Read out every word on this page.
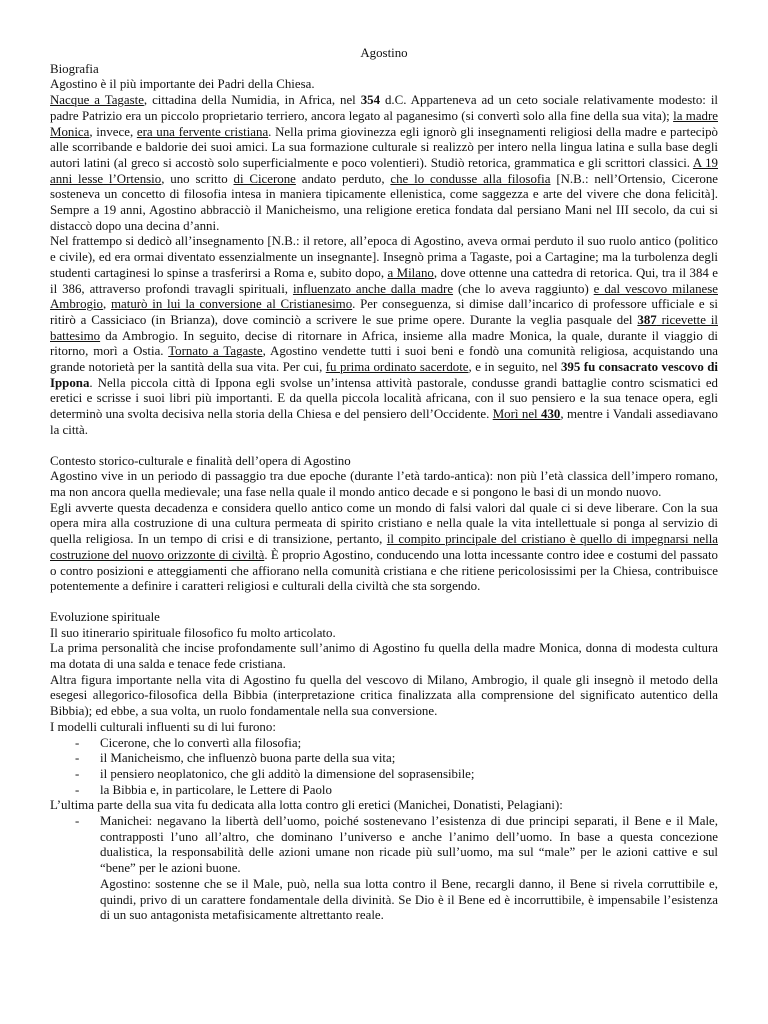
Agostino
Biografia

Agostino è il più importante dei Padri della Chiesa.

Nacque a Tagaste, cittadina della Numidia, in Africa, nel 354 d.C. Apparteneva ad un ceto sociale relativamente modesto: il padre Patrizio era un piccolo proprietario terriero, ancora legato al paganesimo (si convertì solo alla fine della sua vita); la madre Monica, invece, era una fervente cristiana. Nella prima giovinezza egli ignorò gli insegnamenti religiosi della madre e partecipò alle scorribande e baldorie dei suoi amici. La sua formazione culturale si realizzò per intero nella lingua latina e sulla base degli autori latini (al greco si accostò solo superficialmente e poco volentieri). Studiò retorica, grammatica e gli scrittori classici. A 19 anni lesse l’Ortensio, uno scritto di Cicerone andato perduto, che lo condusse alla filosofia [N.B.: nell’Ortensio, Cicerone sosteneva un concetto di filosofia intesa in maniera tipicamente ellenistica, come saggezza e arte del vivere che dona felicità]. Sempre a 19 anni, Agostino abbracciò il Manicheismo, una religione eretica fondata dal persiano Mani nel III secolo, da cui si distaccò dopo una decina d’anni.

Nel frattempo si dedicò all’insegnamento [N.B.: il retore, all’epoca di Agostino, aveva ormai perduto il suo ruolo antico (politico e civile), ed era ormai diventato essenzialmente un insegnante]. Insegnò prima a Tagaste, poi a Cartagine; ma la turbolenza degli studenti cartaginesi lo spinse a trasferirsi a Roma e, subito dopo, a Milano, dove ottenne una cattedra di retorica. Qui, tra il 384 e il 386, attraverso profondi travagli spirituali, influenzato anche dalla madre (che lo aveva raggiunto) e dal vescovo milanese Ambrogio, maturò in lui la conversione al Cristianesimo. Per conseguenza, si dimise dall’incarico di professore ufficiale e si ritirò a Cassiciaco (in Brianza), dove cominciò a scrivere le sue prime opere. Durante la veglia pasquale del 387 ricevette il battesimo da Ambrogio. In seguito, decise di ritornare in Africa, insieme alla madre Monica, la quale, durante il viaggio di ritorno, morì a Ostia. Tornato a Tagaste, Agostino vendette tutti i suoi beni e fondò una comunità religiosa, acquistando una grande notorietà per la santità della sua vita. Per cui, fu prima ordinato sacerdote, e in seguito, nel 395 fu consacrato vescovo di Ippona. Nella piccola città di Ippona egli svolse un’intensa attività pastorale, condusse grandi battaglie contro scismatici ed eretici e scrisse i suoi libri più importanti. E da quella piccola località africana, con il suo pensiero e la sua tenace opera, egli determinò una svolta decisiva nella storia della Chiesa e del pensiero dell’Occidente. Morì nel 430, mentre i Vandali assediavano la città.

Contesto storico-culturale e finalità dell’opera di Agostino

Agostino vive in un periodo di passaggio tra due epoche (durante l’età tardo-antica): non più l’età classica dell’impero romano, ma non ancora quella medievale; una fase nella quale il mondo antico decade e si pongono le basi di un mondo nuovo.

Egli avverte questa decadenza e considera quello antico come un mondo di falsi valori dal quale ci si deve liberare. Con la sua opera mira alla costruzione di una cultura permeata di spirito cristiano e nella quale la vita intellettuale si ponga al servizio di quella religiosa. In un tempo di crisi e di transizione, pertanto, il compito principale del cristiano è quello di impegnarsi nella costruzione del nuovo orizzonte di civiltà. È proprio Agostino, conducendo una lotta incessante contro idee e costumi del passato o contro posizioni e atteggiamenti che affiorano nella comunità cristiana e che ritiene pericolosissimi per la Chiesa, contribuisce potentemente a definire i caratteri religiosi e culturali della civiltà che sta sorgendo.

Evoluzione spirituale

Il suo itinerario spirituale filosofico fu molto articolato.

La prima personalità che incise profondamente sull’animo di Agostino fu quella della madre Monica, donna di modesta cultura ma dotata di una salda e tenace fede cristiana.

Altra figura importante nella vita di Agostino fu quella del vescovo di Milano, Ambrogio, il quale gli insegnò il metodo della esegesi allegorico-filosofica della Bibbia (interpretazione critica finalizzata alla comprensione del significato autentico della Bibbia); ed ebbe, a sua volta, un ruolo fondamentale nella sua conversione.

I modelli culturali influenti su di lui furono:

- Cicerone, che lo convertì alla filosofia;
- il Manicheismo, che influenzò buona parte della sua vita;
- il pensiero neoplatonico, che gli additò la dimensione del soprasensibile;
- la Bibbia e, in particolare, le Lettere di Paolo

L’ultima parte della sua vita fu dedicata alla lotta contro gli eretici (Manichei, Donatisti, Pelagiani):

- Manichei: negavano la libertà dell’uomo, poiché sostenevano l’esistenza di due principi separati, il Bene e il Male, contrapposti l’uno all’altro, che dominano l’universo e anche l’animo dell’uomo. In base a questa concezione dualistica, la responsabilità delle azioni umane non ricade più sull’uomo, ma sul “male” per le azioni cattive e sul “bene” per le azioni buone.
Agostino: sostenne che se il Male, può, nella sua lotta contro il Bene, recargli danno, il Bene si rivela corruttibile e, quindi, privo di un carattere fondamentale della divinità. Se Dio è il Bene ed è incorruttibile, è impensabile l’esistenza di un suo antagonista metafisicamente altrettanto reale.
